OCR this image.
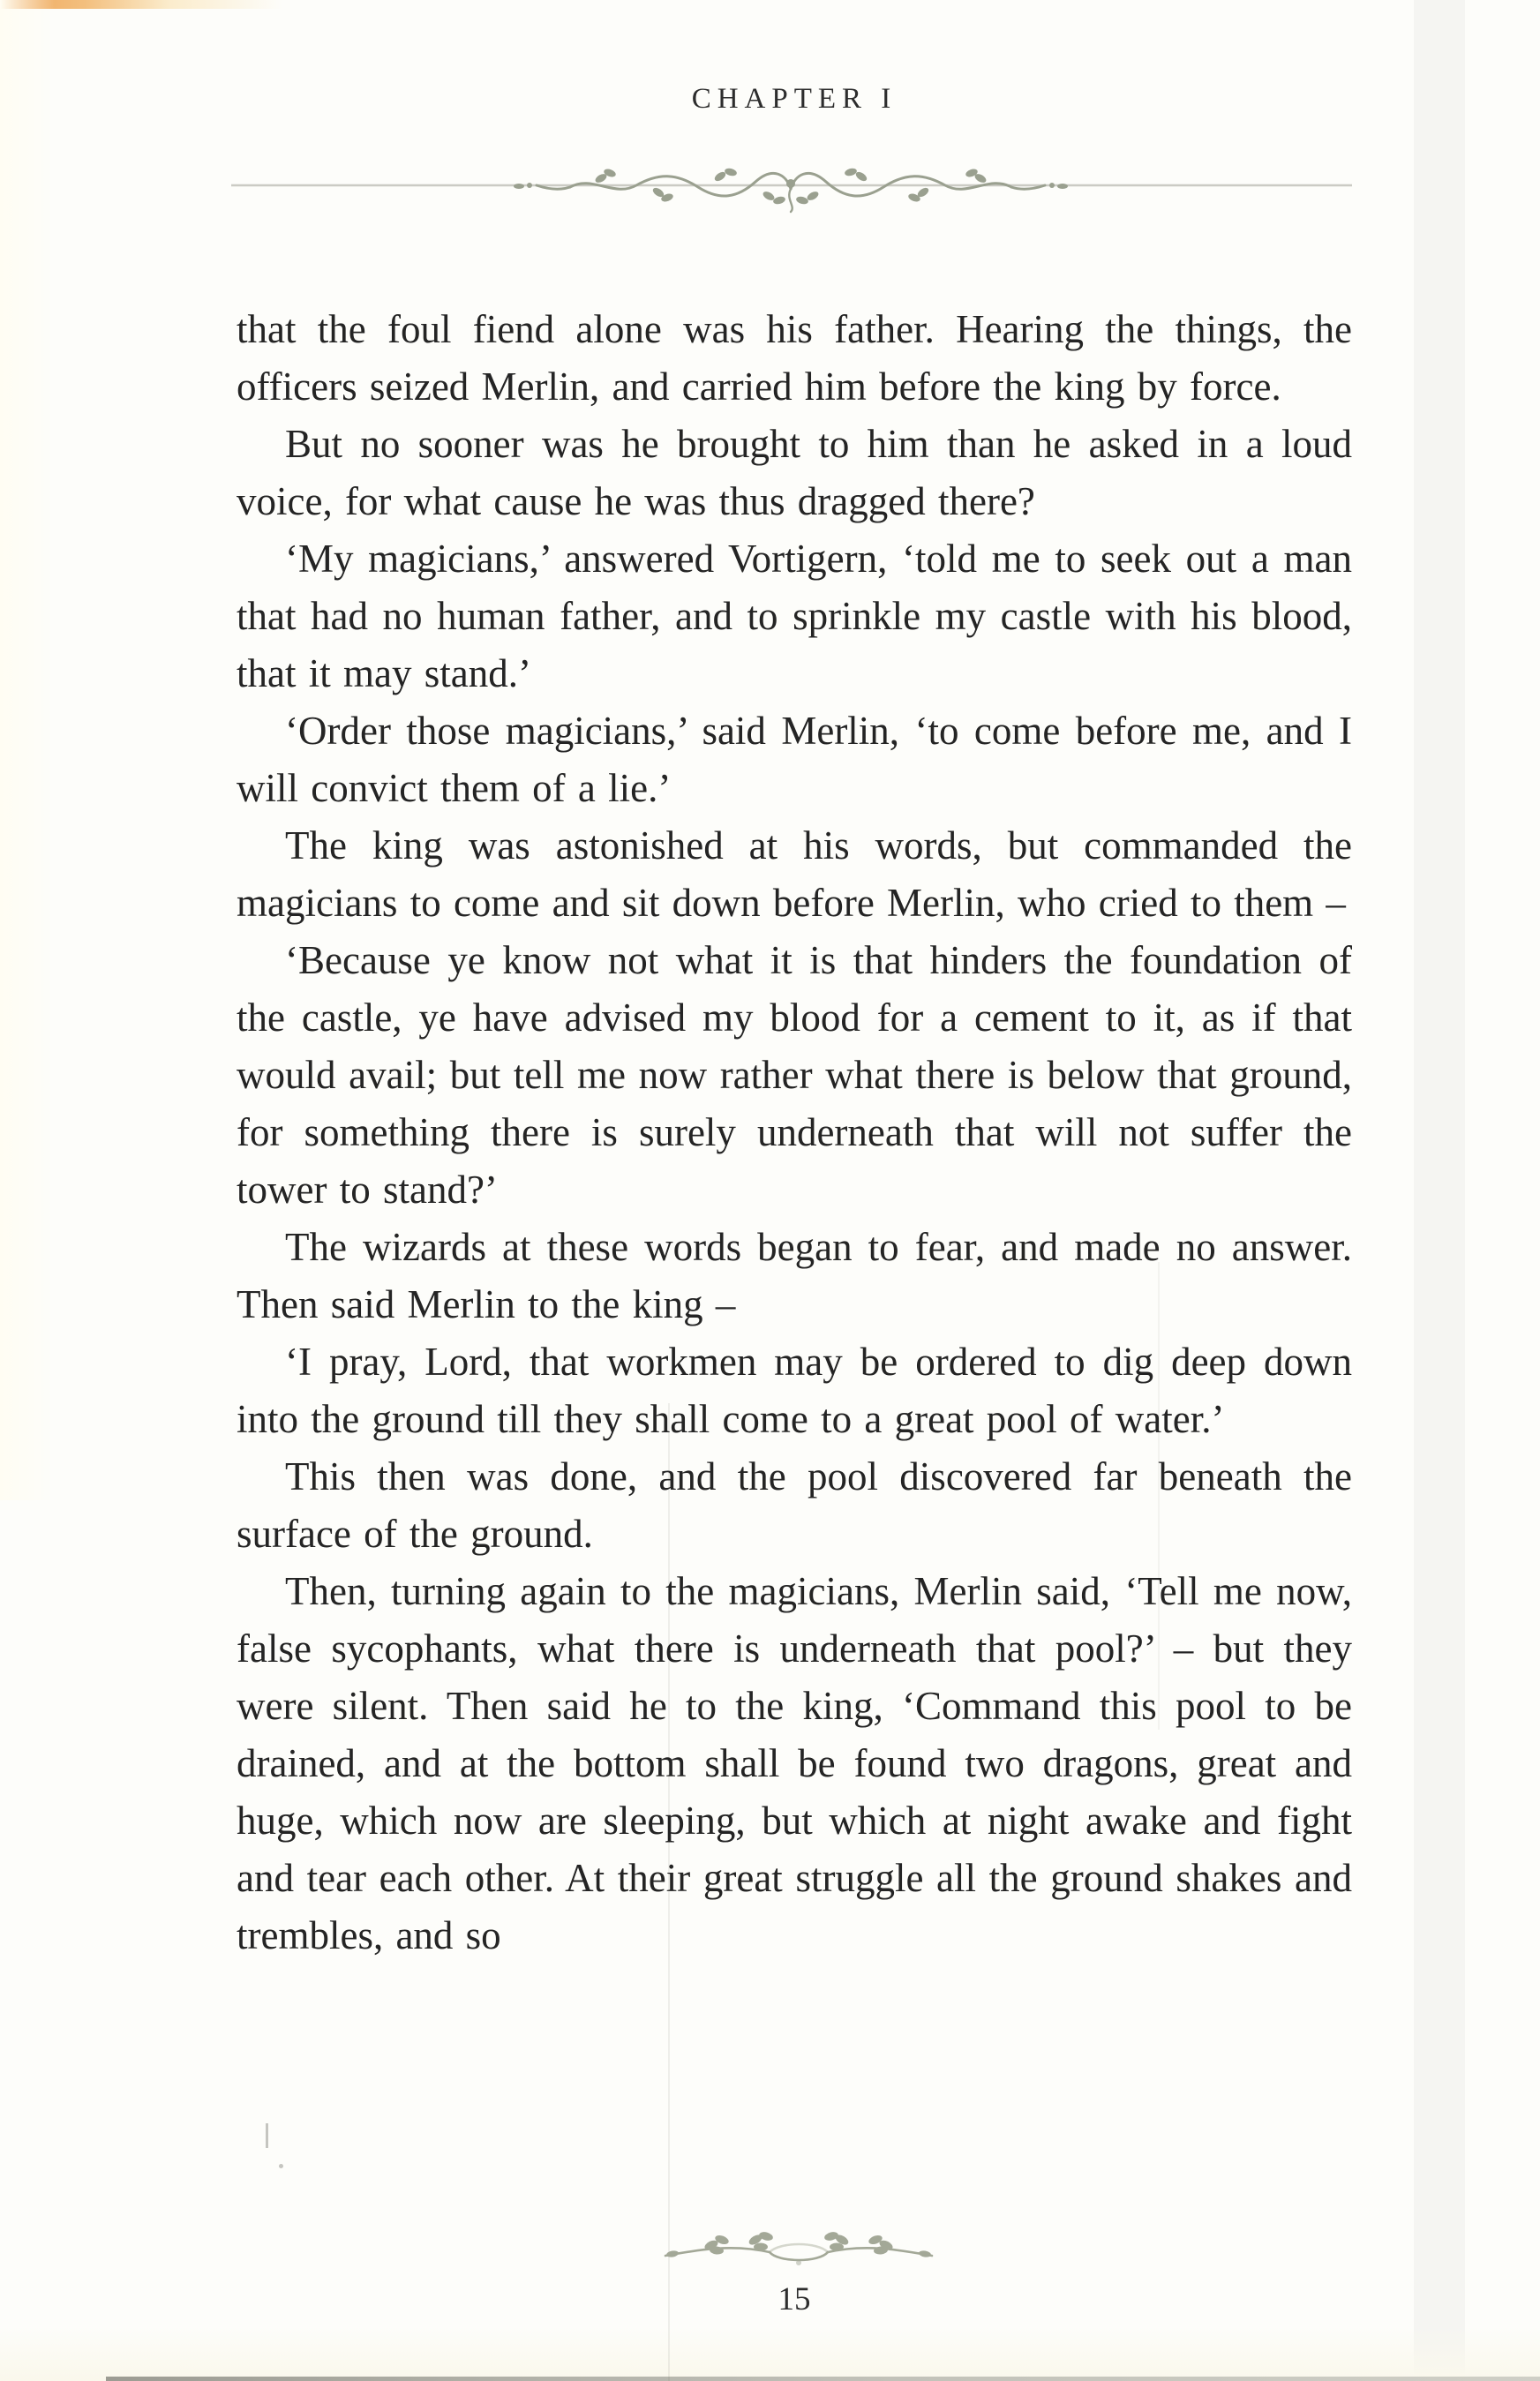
CHAPTER I

that the foul fiend alone was his father. Hearing the things, the officers seized Merlin, and carried him before the king by force.

But no sooner was he brought to him than he asked in a loud voice, for what cause he was thus dragged there?

‘My magicians,’ answered Vortigern, ‘told me to seek out a man that had no human father, and to sprinkle my castle with his blood, that it may stand.’

‘Order those magicians,’ said Merlin, ‘to come before me, and I will convict them of a lie.’

The king was astonished at his words, but commanded the magicians to come and sit down before Merlin, who cried to them –

‘Because ye know not what it is that hinders the foundation of the castle, ye have advised my blood for a cement to it, as if that would avail; but tell me now rather what there is below that ground, for something there is surely underneath that will not suffer the tower to stand?’

The wizards at these words began to fear, and made no answer. Then said Merlin to the king –

‘I pray, Lord, that workmen may be ordered to dig deep down into the ground till they shall come to a great pool of water.’

This then was done, and the pool discovered far beneath the surface of the ground.

Then, turning again to the magicians, Merlin said, ‘Tell me now, false sycophants, what there is underneath that pool?’ – but they were silent. Then said he to the king, ‘Command this pool to be drained, and at the bottom shall be found two dragons, great and huge, which now are sleeping, but which at night awake and fight and tear each other. At their great struggle all the ground shakes and trembles, and so

15
